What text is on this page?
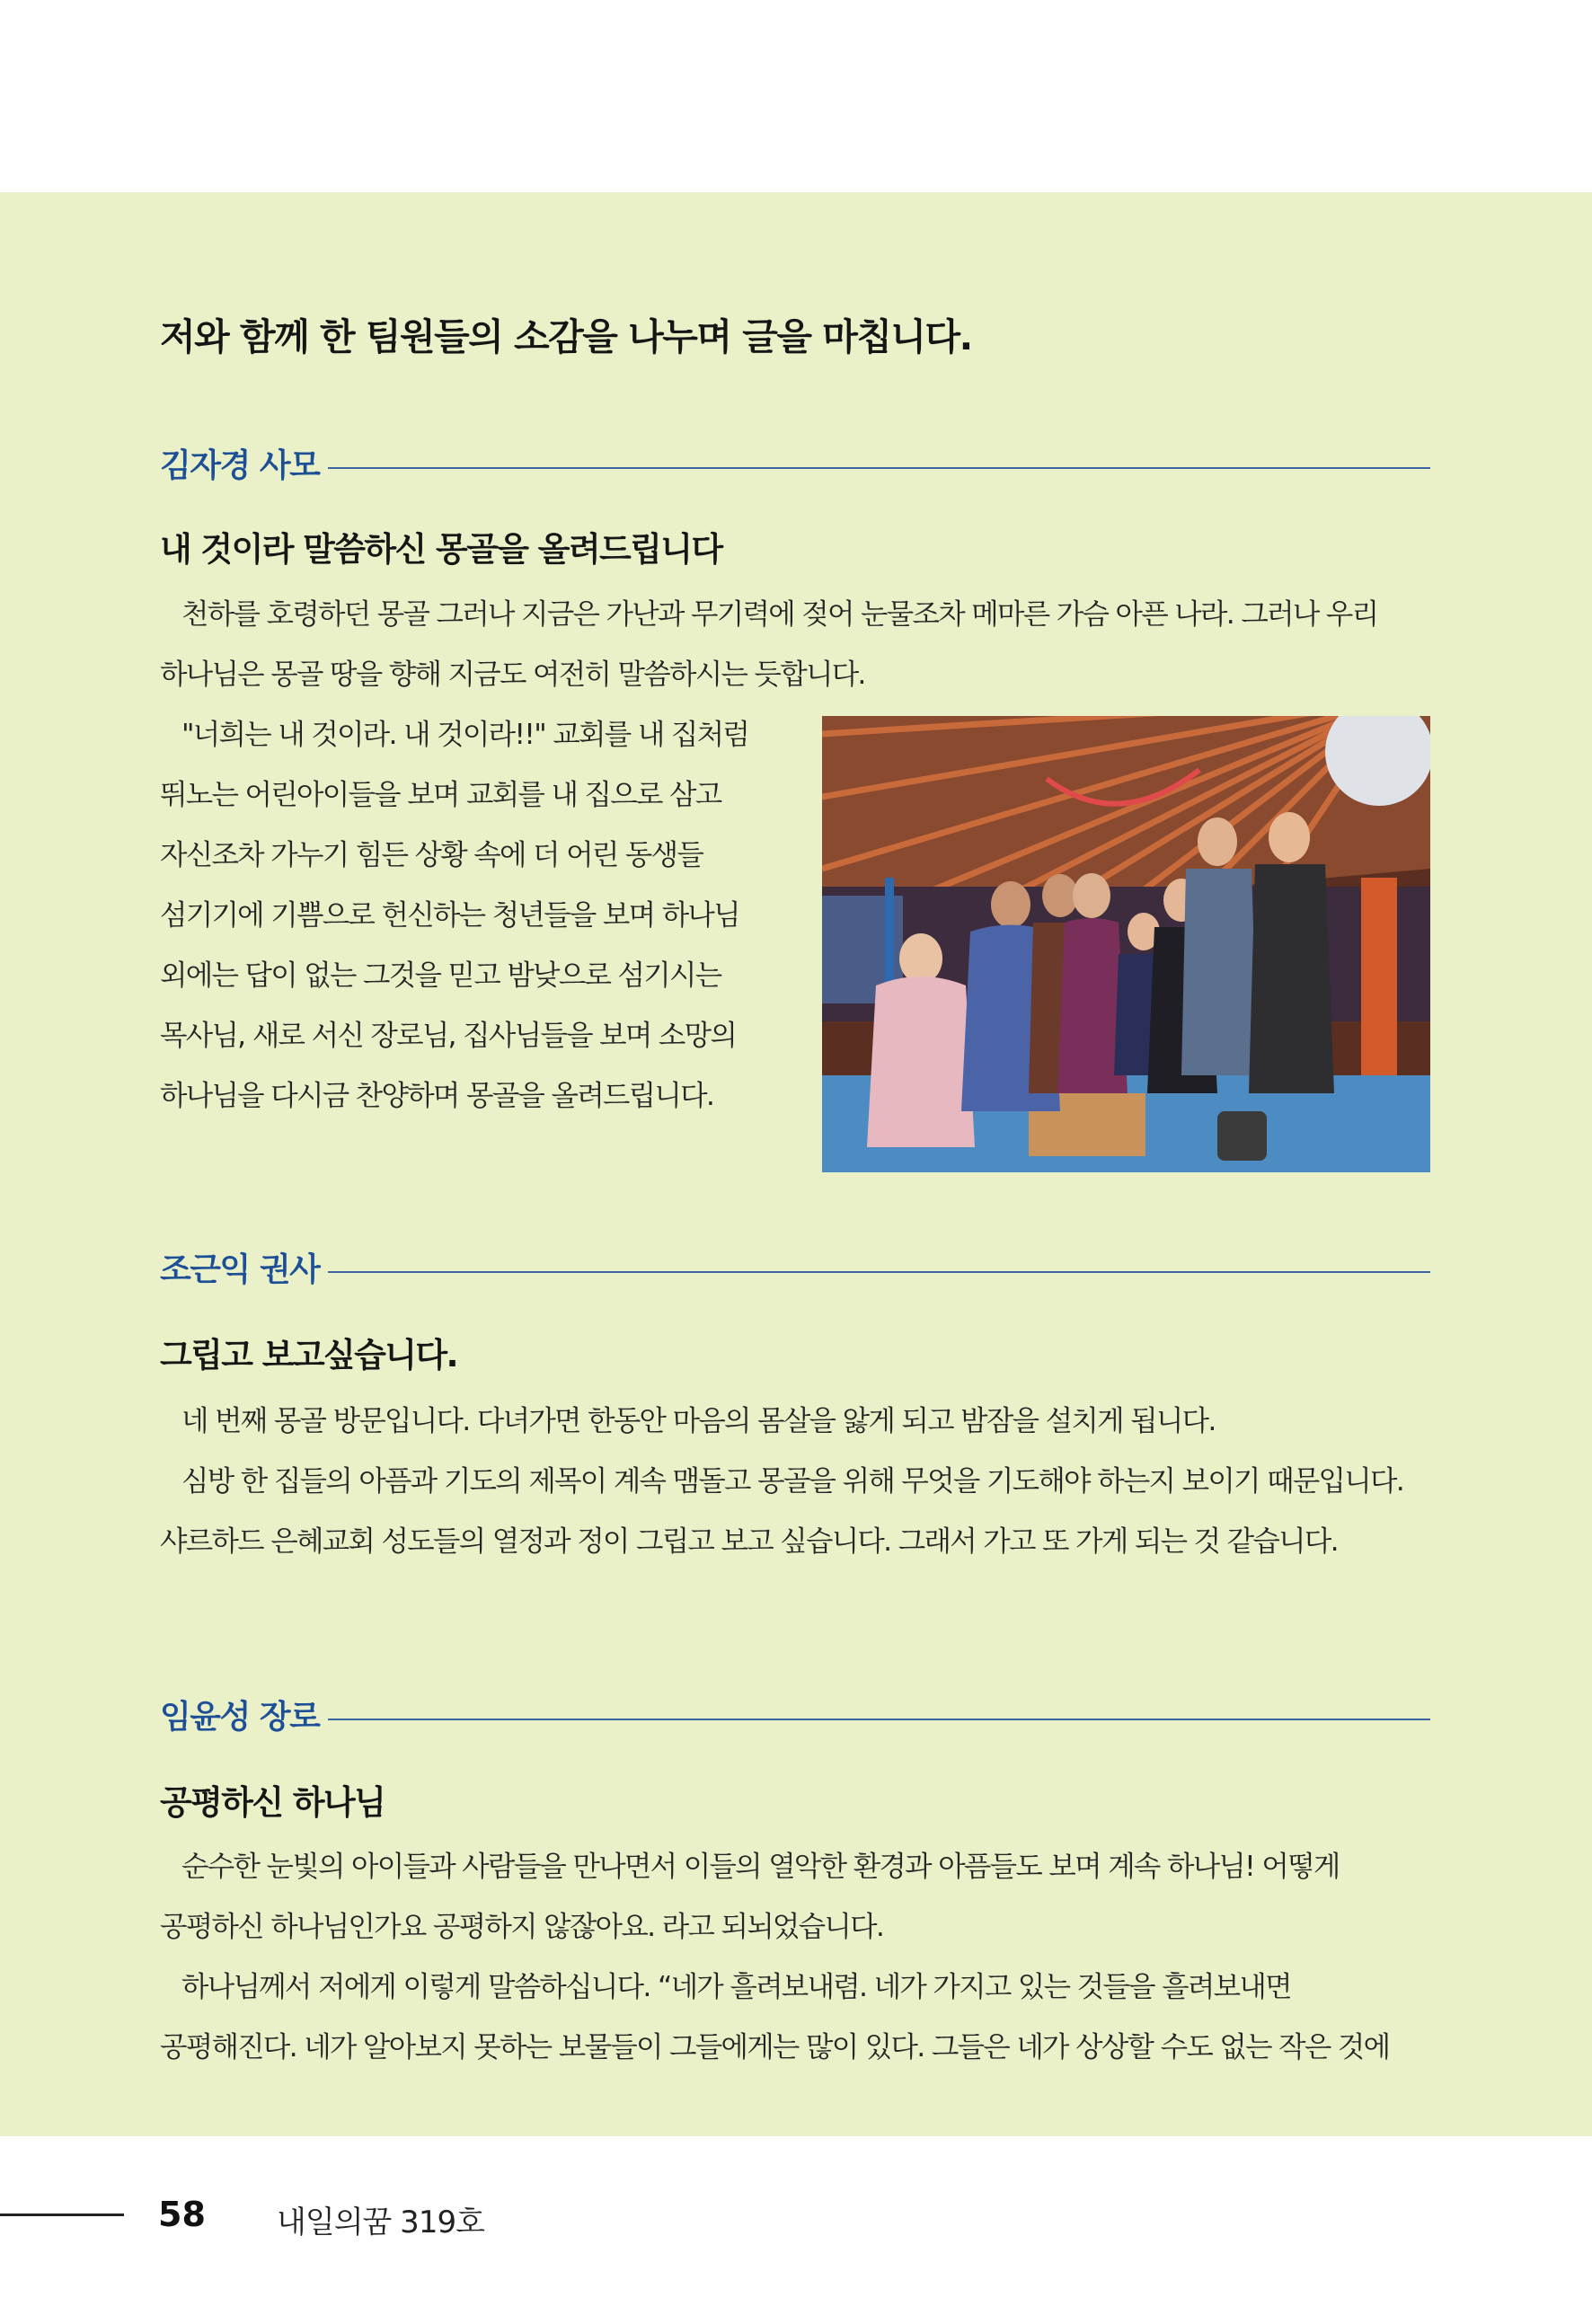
저와 함께 한 팀원들의 소감을 나누며 글을 마칩니다.
김자경 사모
내 것이라 말씀하신 몽골을 올려드립니다
천하를 호령하던 몽골 그러나 지금은 가난과 무기력에 젖어 눈물조차 메마른 가슴 아픈 나라. 그러나 우리 하나님은 몽골 땅을 향해 지금도 여전히 말씀하시는 듯합니다.
"너희는 내 것이라. 내 것이라!!" 교회를 내 집처럼 뛰노는 어린아이들을 보며 교회를 내 집으로 삼고 자신조차 가누기 힘든 상황 속에 더 어린 동생들 섬기기에 기쁨으로 헌신하는 청년들을 보며 하나님 외에는 답이 없는 그것을 믿고 밤낮으로 섬기시는 목사님, 새로 서신 장로님, 집사님들을 보며 소망의 하나님을 다시금 찬양하며 몽골을 올려드립니다.
조근익 권사
그립고 보고싶습니다.
네 번째 몽골 방문입니다. 다녀가면 한동안 마음의 몸살을 앓게 되고 밤잠을 설치게 됩니다.
심방 한 집들의 아픔과 기도의 제목이 계속 맴돌고 몽골을 위해 무엇을 기도해야 하는지 보이기 때문입니다. 샤르하드 은혜교회 성도들의 열정과 정이 그립고 보고 싶습니다. 그래서 가고 또 가게 되는 것 같습니다.
임윤성 장로
공평하신 하나님
순수한 눈빛의 아이들과 사람들을 만나면서 이들의 열악한 환경과 아픔들도 보며 계속 하나님! 어떻게 공평하신 하나님인가요 공평하지 않잖아요. 라고 되뇌었습니다.
하나님께서 저에게 이렇게 말씀하십니다. “네가 흘려보내렴. 네가 가지고 있는 것들을 흘려보내면 공평해진다. 네가 알아보지 못하는 보물들이 그들에게는 많이 있다. 그들은 네가 상상할 수도 없는 작은 것에
58 내일의꿈 319호
